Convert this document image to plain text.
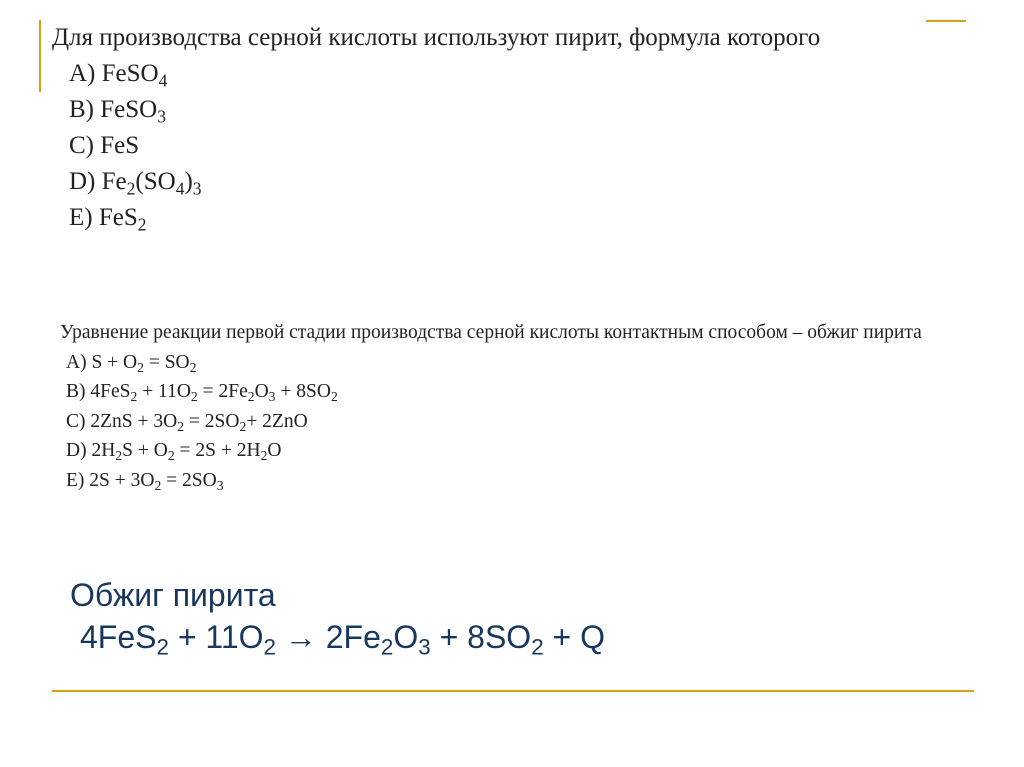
Для производства серной кислоты используют пирит, формула которого

A) FeSO$_4$
B) FeSO$_3$
C) FeS
D) $Fe_2(SO_4)_3$
E) FeS$_2$

Уравнение реакции первой стадии производства серной кислоты контактным способом – обжиг пирита

A) $S + O_2 = SO_2$
B) $4FeS_2 + 11O_2 = 2Fe_2O_3 + 8SO_2$
C) $2ZnS + 3O_2 = 2SO_2+ 2ZnO$
D) $2H_2S + O_2 = 2S + 2H_2O$
E) $2S + 3O_2 = 2SO_3$
Обжиг пирита
$4FeS_2 + 11O_2 \to 2Fe_2O_3 + 8SO_2 + Q$
